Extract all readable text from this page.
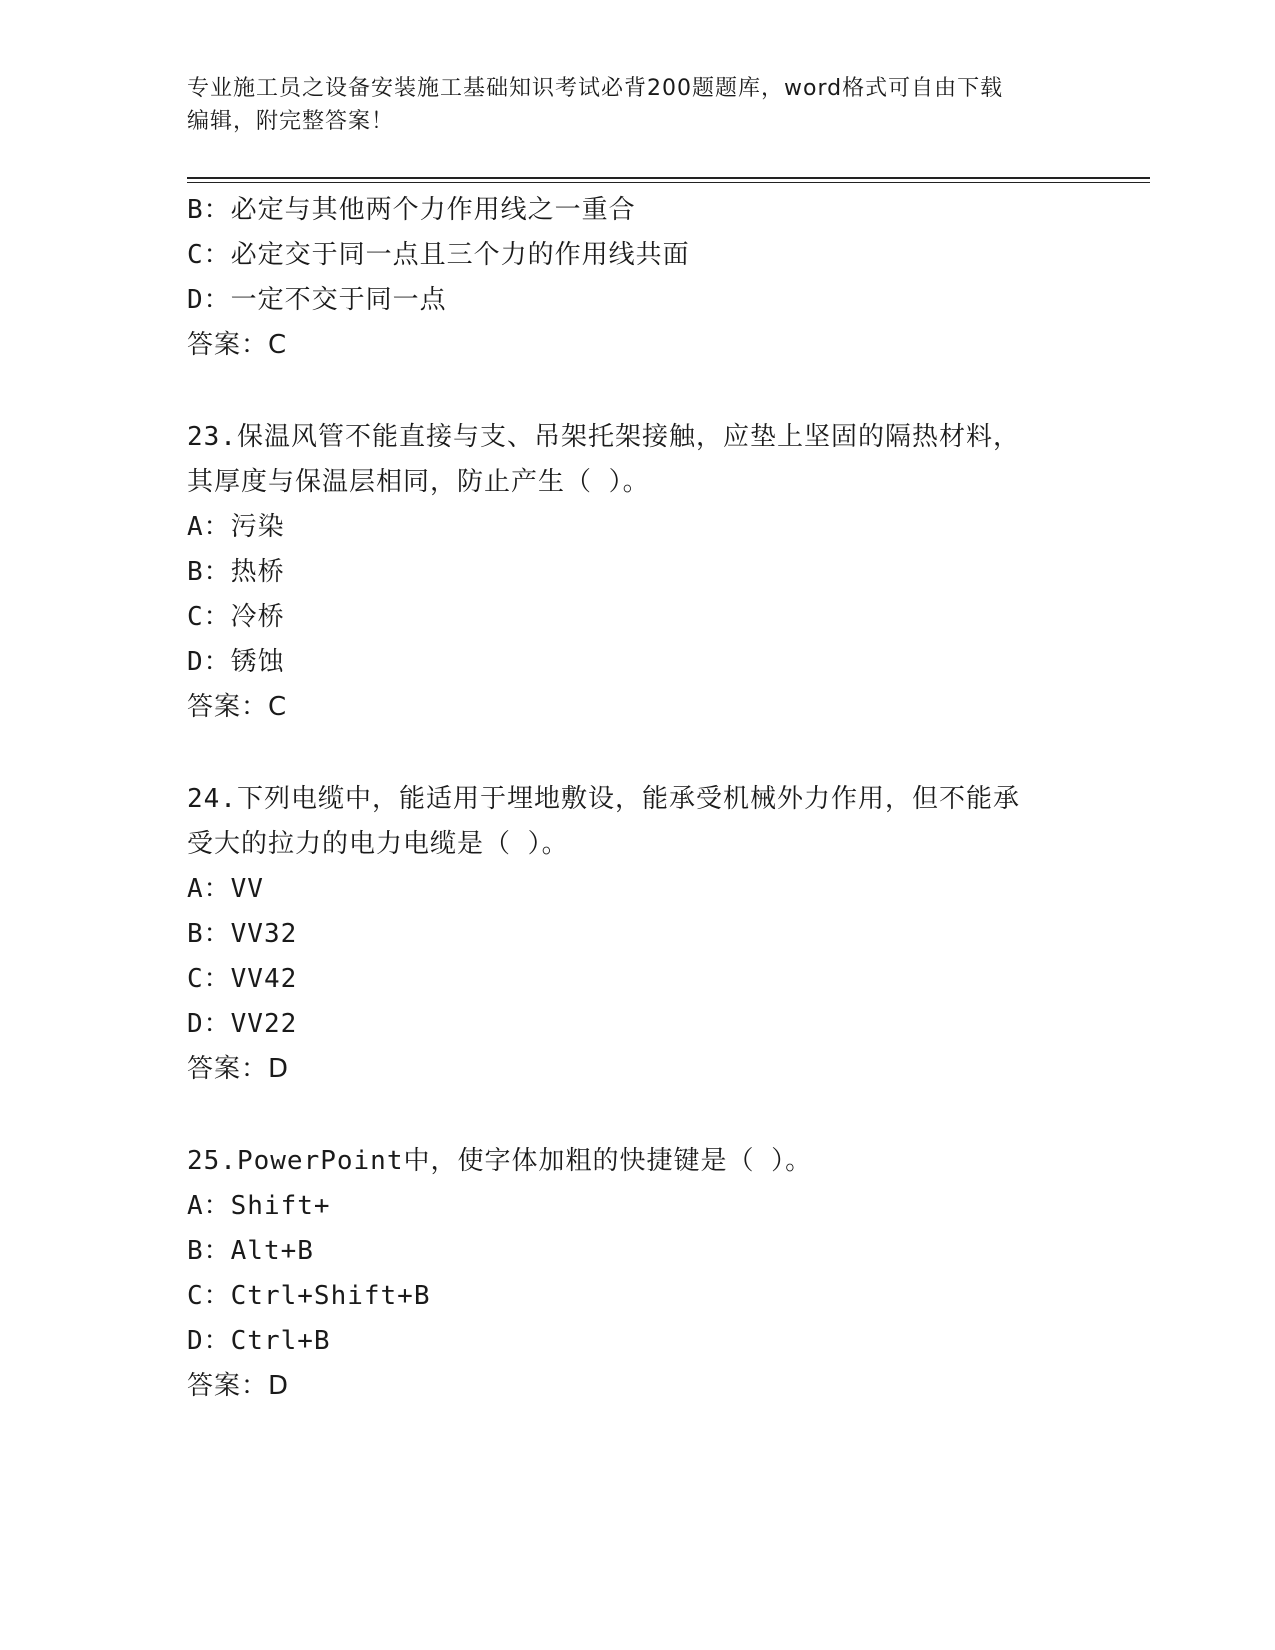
专业施工员之设备安装施工基础知识考试必背200题题库，word格式可自由下载
编辑，附完整答案！
B：必定与其他两个力作用线之一重合
C：必定交于同一点且三个力的作用线共面
D：一定不交于同一点
答案：C
23.保温风管不能直接与支、吊架托架接触，应垫上坚固的隔热材料，
其厚度与保温层相同，防止产生（ ）。
A：污染
B：热桥
C：冷桥
D：锈蚀
答案：C
24.下列电缆中，能适用于埋地敷设，能承受机械外力作用，但不能承
受大的拉力的电力电缆是（ ）。
A：VV
B：VV32
C：VV42
D：VV22
答案：D
25.PowerPoint中，使字体加粗的快捷键是（ ）。
A：Shift+
B：Alt+B
C：Ctrl+Shift+B
D：Ctrl+B
答案：D
